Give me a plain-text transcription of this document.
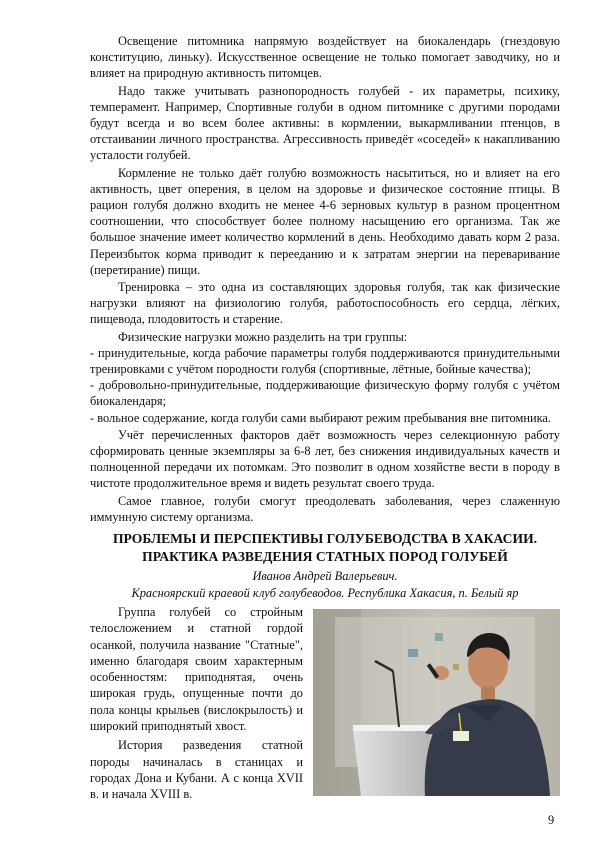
Освещение питомника напрямую воздействует на биокалендарь (гнездовую конституцию, линьку). Искусственное освещение не только помогает заводчику, но и влияет на природную активность питомцев.

Надо также учитывать разнопородность голубей - их параметры, психику, темперамент. Например, Спортивные голуби в одном питомнике с другими породами будут всегда и во всем более активны: в кормлении, выкармливании птенцов, в отстаивании личного пространства. Агрессивность приведёт «соседей» к накапливанию усталости голубей.

Кормление не только даёт голубю возможность насытиться, но и влияет на его активность, цвет оперения, в целом на здоровье и физическое состояние птицы. В рацион голубя должно входить не менее 4-6 зерновых культур в разном процентном соотношении, что способствует более полному насыщению его организма. Так же большое значение имеет количество кормлений в день. Необходимо давать корм 2 раза. Переизбыток корма приводит к перееданию и к затратам энергии на переваривание (перетирание) пищи.

Тренировка – это одна из составляющих здоровья голубя, так как физические нагрузки влияют на физиологию голубя, работоспособность его сердца, лёгких, пищевода, плодовитость и старение.

Физические нагрузки можно разделить на три группы:

- принудительные, когда рабочие параметры голубя поддерживаются принудительными тренировками с учётом породности голубя (спортивные, лётные, бойные качества);

- добровольно-принудительные, поддерживающие физическую форму голубя с учётом биокалендаря;

- вольное содержание, когда голуби сами выбирают режим пребывания вне питомника.

Учёт перечисленных факторов даёт возможность через селекционную работу сформировать ценные экземпляры за 6-8 лет, без снижения индивидуальных качеств и полноценной передачи их потомкам. Это позволит в одном хозяйстве вести в породу в чистоте продолжительное время и видеть результат своего труда.

Самое главное, голуби смогут преодолевать заболевания, через слаженную иммунную систему организма.

ПРОБЛЕМЫ И ПЕРСПЕКТИВЫ ГОЛУБЕВОДСТВА В ХАКАСИИ.
ПРАКТИКА РАЗВЕДЕНИЯ СТАТНЫХ ПОРОД ГОЛУБЕЙ
Иванов Андрей Валерьевич.
Красноярский краевой клуб голубеводов. Республика Хакасия, п. Белый яр

Группа голубей со стройным телосложением и статной гордой осанкой, получила название "Статные", именно благодаря своим характерным особенностям: приподнятая, очень широкая грудь, опущенные почти до пола концы крыльев (вислокрылость) и широкий приподнятый хвост.

История разведения статной породы начиналась в станицах и городах Дона и Кубани. А с конца XVII в. и начала XVIII в.

9
